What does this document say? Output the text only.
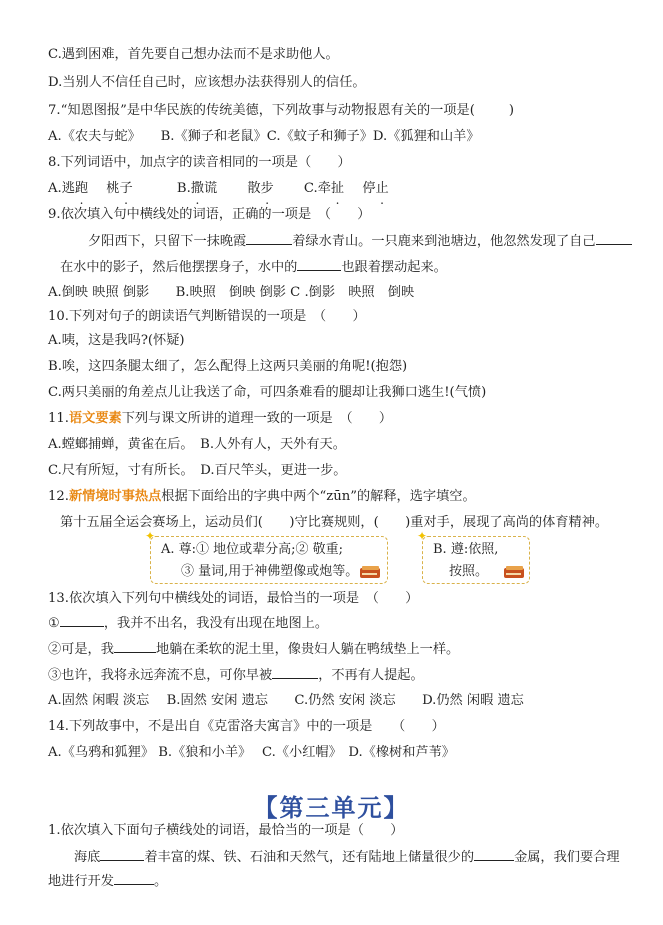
C.遇到困难，首先要自己想办法而不是求助他人。
D.当别人不信任自己时，应该想办法获得别人的信任。
7.“知恩图报”是中华民族的传统美德，下列故事与动物报恩有关的一项是(	)
A.《农夫与蛇》　　B.《狮子和老鼠》C.《蚊子和狮子》D.《狐狸和山羊》
8.下列词语中，加点字的读音相同的一项是（　　）
A.逃跑 桃子	B.撒谎 散步 C.牵扯 停止
9.依次填入句中横线处的词语，正确的一项是　（　　）
夕阳西下，只留下一抹晚霞	着绿水青山。一只鹿来到池塘边，他忽然发现了自己
在水中的影子，然后他摆摆身子，水中的	也跟着摆动起来。
A.倒映 映照 倒影　　B.映照　倒映 倒影 C .倒影　映照　倒映
10.下列对句子的朗读语气判断错误的一项是　（　　）
A.咦，这是我吗?(怀疑)
B.唉，这四条腿太细了，怎么配得上这两只美丽的角呢!(抱怨)
C.两只美丽的角差点儿让我送了命，可四条难看的腿却让我狮口逃生!(气愤)
11.语文要素下列与课文所讲的道理一致的一项是　（　　）
A.螳螂捕蝉，黄雀在后。　B.人外有人，天外有天。
C.尺有所短，寸有所长。　D.百尺竿头，更进一步。
12.新情境时事热点根据下面给出的字典中两个“zūn”的解释，选字填空。
第十五届全运会赛场上，运动员们(　　)守比赛规则，(　　)重对手，展现了高尚的体育精神。
✦
A. 尊:① 地位或辈分高;② 敬重;
③ 量词,用于神佛塑像或炮等。
✦
B. 遵:依照,
按照。
13.依次填入下列句中横线处的词语，最恰当的一项是　（　　）
①	，我并不出名，我没有出现在地图上。
②可是，我	地躺在柔软的泥土里，像贵妇人躺在鸭绒垫上一样。
③也许，我将永远奔流不息，可你早被	，不再有人提起。
A.固然 闲暇 淡忘　 B.固然 安闲 遗忘　　C.仍然 安闲 淡忘　　D.仍然 闲暇 遗忘
14.下列故事中，不是出自《克雷洛夫寓言》中的一项是　　（　　）
A.《乌鸦和狐狸》 B.《狼和小羊》　 C.《小红帽》　D.《橡树和芦苇》
【第三单元】
1.依次填入下面句子横线处的词语，最恰当的一项是（　　）
海底	着丰富的煤、铁、石油和天然气，还有陆地上储量很少的	金属，我们要合理
地进行开发	。
